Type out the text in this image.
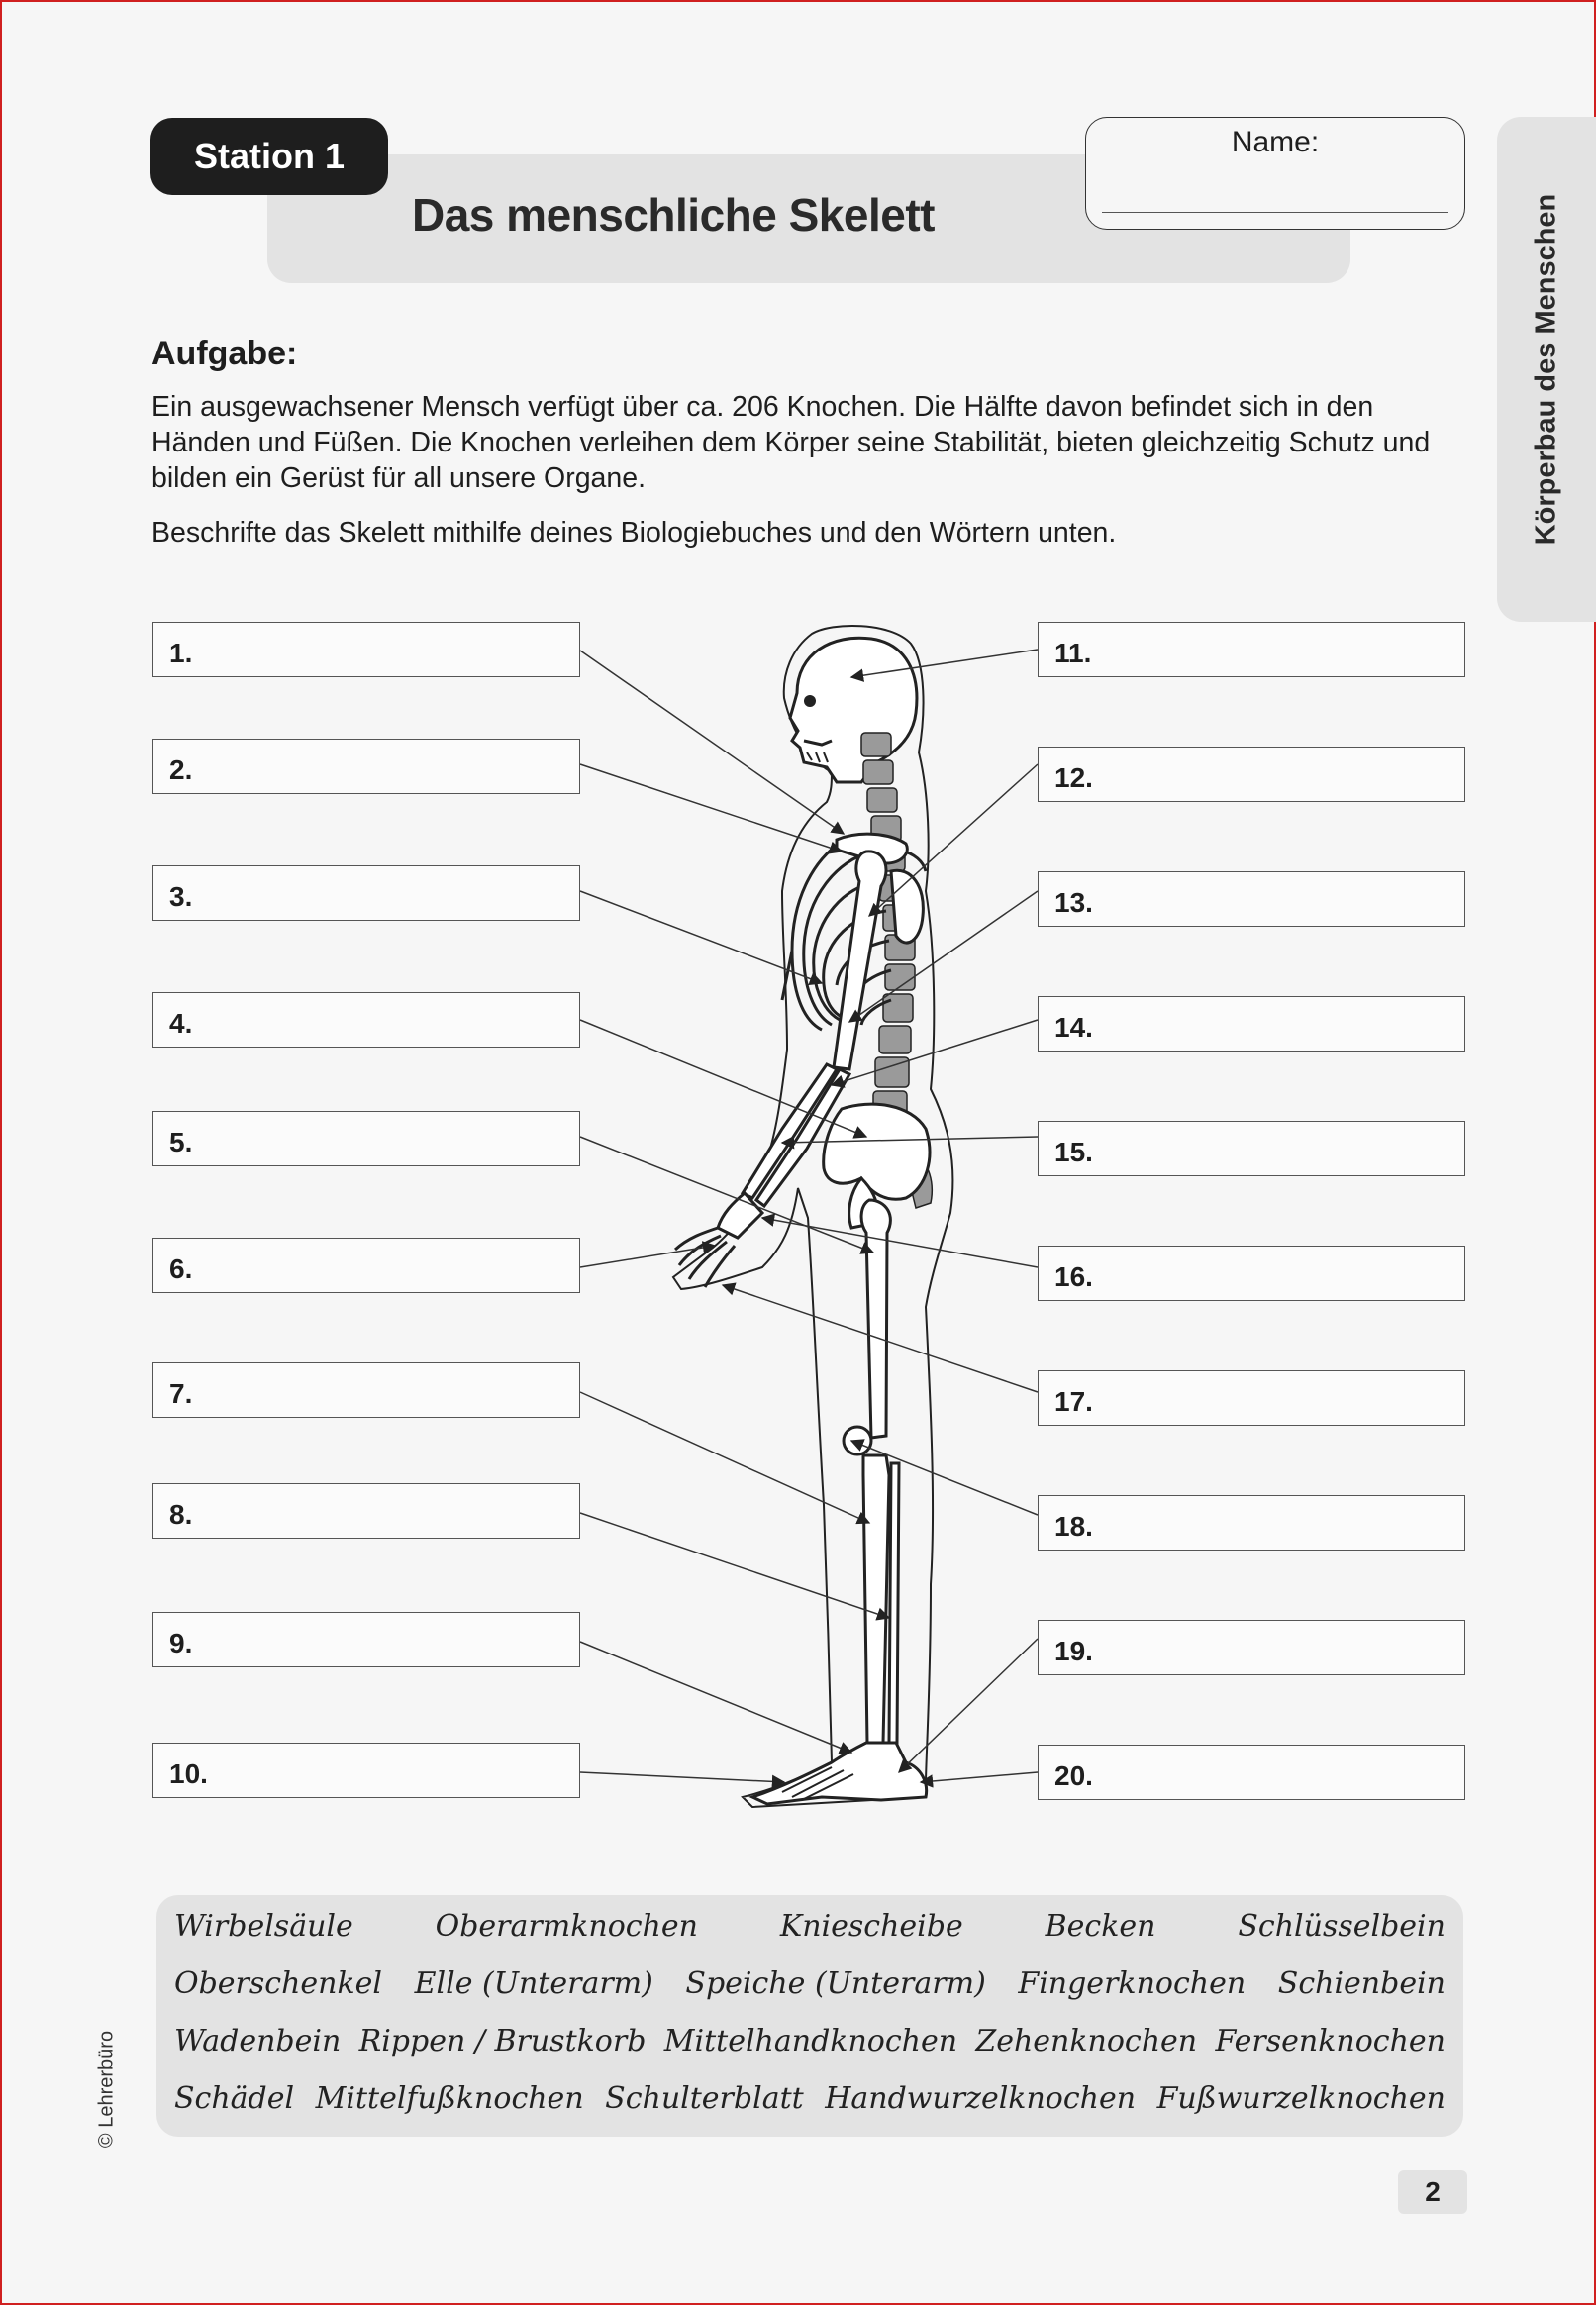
Station 1
Das menschliche Skelett
Name:
Körperbau des Menschen
Aufgabe:

Ein ausgewachsener Mensch verfügt über ca. 206 Knochen. Die Hälfte davon befindet sich in den Händen und Füßen. Die Knochen verleihen dem Körper seine Stabilität, bieten gleichzeitig Schutz und bilden ein Gerüst für all unsere Organe.

Beschrifte das Skelett mithilfe deines Biologiebuches und den Wörtern unten.

1.
2.
3.
4.
5.
6.
7.
8.
9.
10.
11.
12.
13.
14.
15.
16.
17.
18.
19.
20.
Wirbelsäule	Oberarmknochen	Kniescheibe	Becken	Schlüsselbein
Oberschenkel Elle (Unterarm) Speiche (Unterarm) Fingerknochen Schienbein
Wadenbein Rippen / Brustkorb Mittelhandknochen Zehenknochen Fersenknochen
Schädel Mittelfußknochen Schulterblatt Handwurzelknochen Fußwurzelknochen
© Lehrerbüro
2
